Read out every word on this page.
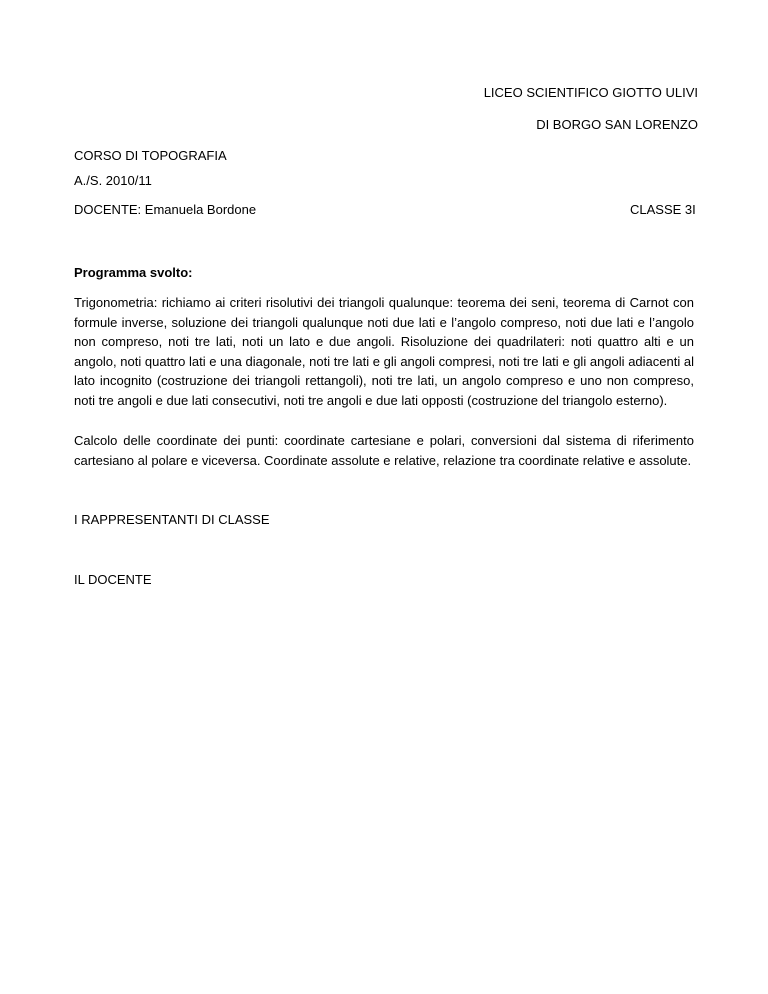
LICEO SCIENTIFICO GIOTTO ULIVI
DI BORGO SAN LORENZO
CORSO DI TOPOGRAFIA
A./S. 2010/11
DOCENTE: Emanuela Bordone	CLASSE 3I
Programma svolto:
Trigonometria: richiamo ai criteri risolutivi dei triangoli qualunque: teorema dei seni, teorema di Carnot con formule inverse, soluzione dei triangoli qualunque noti due lati e l’angolo compreso, noti due lati e l’angolo non compreso, noti tre lati, noti un lato e due angoli. Risoluzione dei quadrilateri: noti quattro alti e un angolo, noti quattro lati e una diagonale, noti tre lati e gli angoli compresi, noti tre lati e gli angoli adiacenti al lato incognito (costruzione dei triangoli rettangoli), noti tre lati, un angolo compreso e uno non compreso, noti tre angoli e due lati consecutivi, noti tre angoli e due lati opposti (costruzione del triangolo esterno).
Calcolo delle coordinate dei punti: coordinate cartesiane e polari, conversioni dal sistema di riferimento cartesiano al polare e viceversa. Coordinate assolute e relative, relazione tra coordinate relative e assolute.
I RAPPRESENTANTI DI CLASSE
IL DOCENTE
